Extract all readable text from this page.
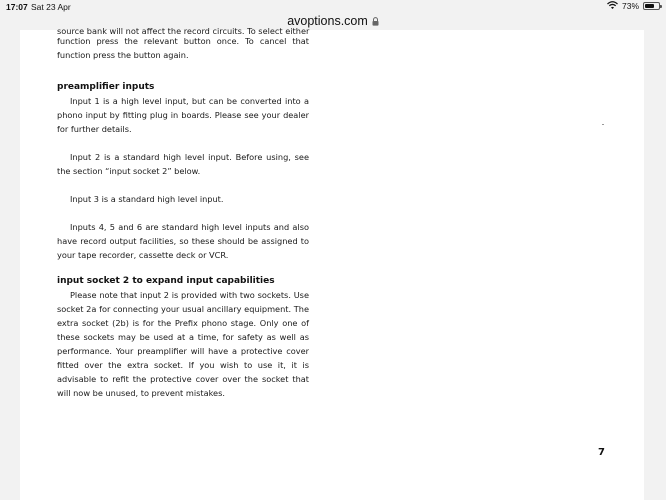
17:07 Sat 23 Apr	73%
avoptions.com
source bank will not affect the record circuits. To select either

function press the relevant button once. To cancel that function press the button again.

preamplifier inputs

Input 1 is a high level input, but can be converted into a phono input by fitting plug in boards. Please see your dealer for further details.

Input 2 is a standard high level input. Before using, see the section “input socket 2” below.

Input 3 is a standard high level input.

Inputs 4, 5 and 6 are standard high level inputs and also have record output facilities, so these should be assigned to your tape recorder, cassette deck or VCR.

input socket 2 to expand input capabilities

Please note that input 2 is provided with two sockets. Use socket 2a for connecting your usual ancillary equipment. The extra socket (2b) is for the Prefix phono stage. Only one of these sockets may be used at a time, for safety as well as performance. Your preamplifier will have a protective cover fitted over the extra socket. If you wish to use it, it is advisable to refit the protective cover over the socket that will now be unused, to prevent mistakes.

7
